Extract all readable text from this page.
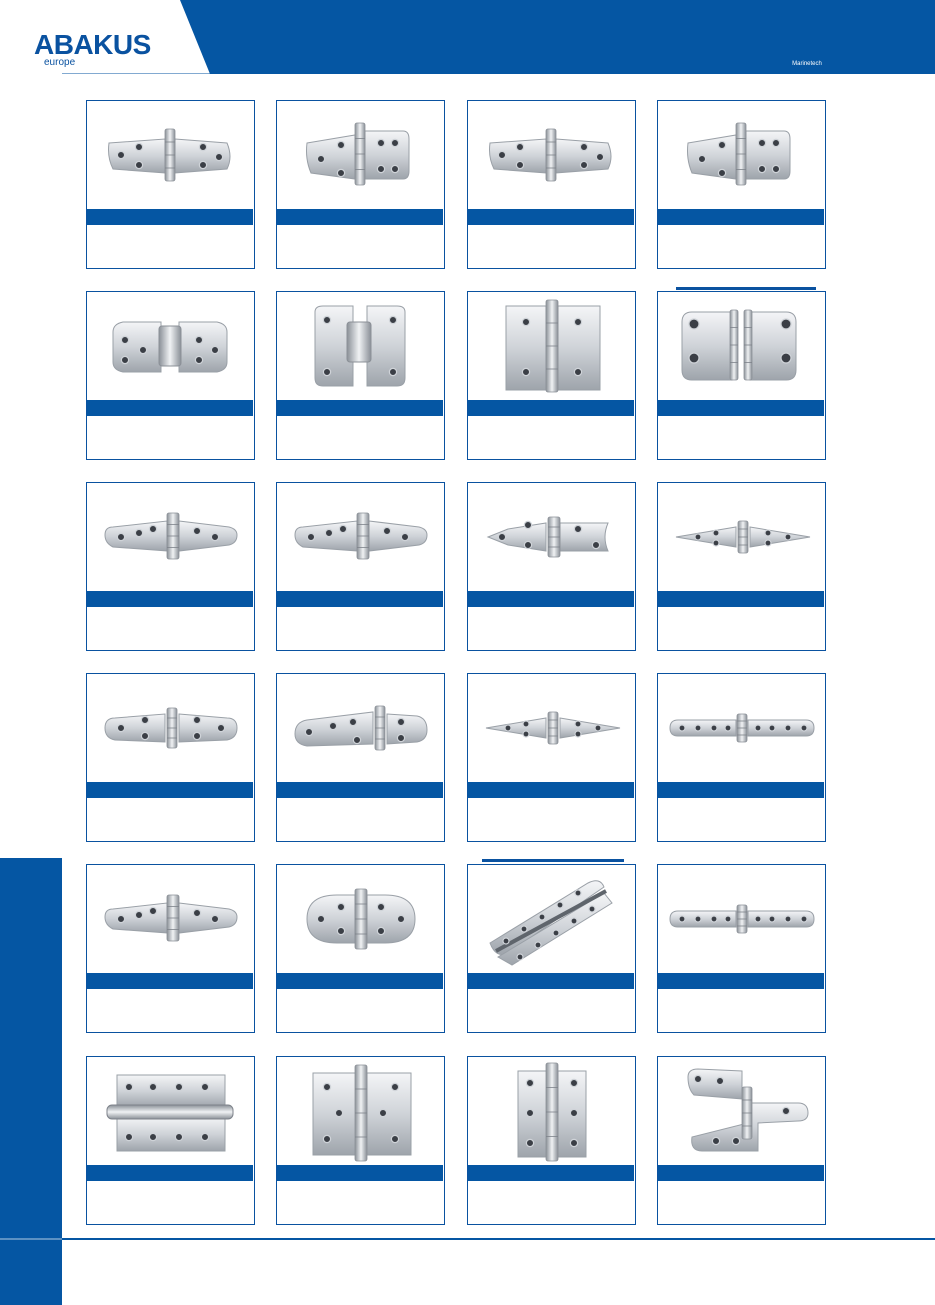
ABAKUS
europe	Marinetech
